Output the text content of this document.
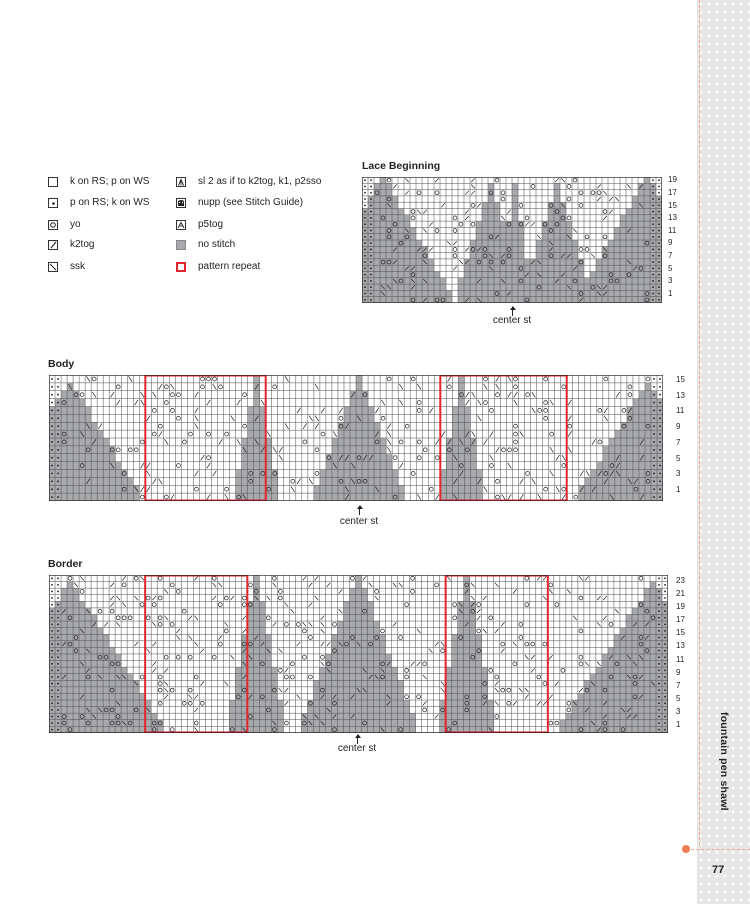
fountain pen shawl
77
k on RS; p on WS
p on RS; k on WS
yo
k2tog
ssk
sl 2 as if to k2tog, k1, p2sso
nupp (see Stitch Guide)
p5tog
no stitch
pattern repeat
Lace Beginning
19
17
15
13
11
9
7
5
3
1
center st
Body
15
13
11
9
7
5
3
1
center st
Border
23
21
19
17
15
13
11
9
7
5
3
1
center st
